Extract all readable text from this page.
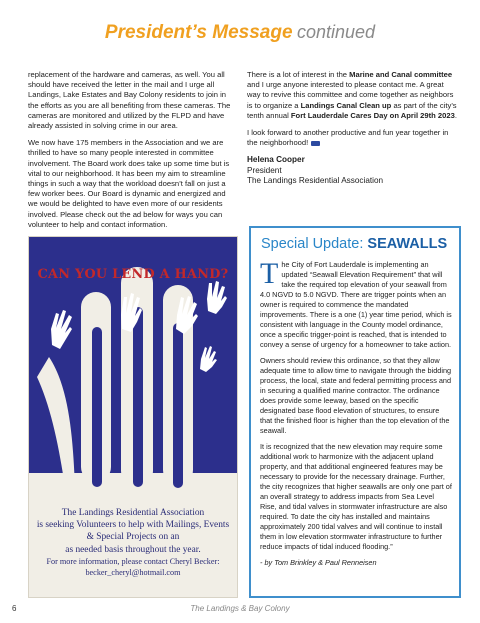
President’s Message continued

replacement of the hardware and cameras, as well. You all should have received the letter in the mail and I urge all Landings, Lake Estates and Bay Colony residents to join in the efforts as you are all benefiting from these cameras. The cameras are monitored and utilized by the FLPD and have already assisted in solving crime in our area.

We now have 175 members in the Association and we are thrilled to have so many people interested in committee involvement. The Board work does take up some time but is vital to our neighborhood. It has been my aim to streamline things in such a way that the workload doesn’t fall on just a few worker bees. Our Board is dynamic and energized and we would be delighted to have even more of our residents involved. Please check out the ad below for ways you can volunteer to help and contact information.

There is a lot of interest in the Marine and Canal committee and I urge anyone interested to please contact me. A great way to revive this committee and come together as neighbors is to organize a Landings Canal Clean up as part of the city’s tenth annual Fort Lauderdale Cares Day on April 29th 2023.

I look forward to another productive and fun year together in the neighborhood!

Helena Cooper
President
The Landings Residential Association
CAN YOU LEND A HAND?
The Landings Residential Association
is seeking Volunteers to help with Mailings, Events
& Special Projects on an
as needed basis throughout the year.
For more information, please contact Cheryl Becker:
becker_cheryl@hotmail.com
Special Update: SEAWALLS

The City of Fort Lauderdale is implementing an updated “Seawall Elevation Requirement” that will take the required top elevation of your seawall from 4.0 NGVD to 5.0 NGVD. There are trigger points when an owner is required to commence the mandated improvements. There is a one (1) year time period, which is consistent with language in the County model ordinance, once a specific trigger-point is reached, that is intended to convey a sense of urgency for a homeowner to take action.

Owners should review this ordinance, so that they allow adequate time to allow time to navigate through the bidding process, the local, state and federal permitting process and in securing a qualified marine contractor. The ordinance does provide some leeway, based on the specific designated base flood elevation of structures, to ensure that the finished floor is higher than the top elevation of the seawall.

It is recognized that the new elevation may require some additional work to harmonize with the adjacent upland property, and that additional engineered features may be necessary to provide for the necessary drainage. Further, the city recognizes that higher seawalls are only one part of an overall strategy to address impacts from Sea Level Rise, and tidal valves in stormwater infrastructure are also required. To date the city has installed and maintains approximately 200 tidal valves and will continue to install them in low elevation stormwater infrastructure to further reduce impacts of tidal induced flooding.”

- by Tom Brinkley & Paul Renneisen

6	The Landings & Bay Colony
